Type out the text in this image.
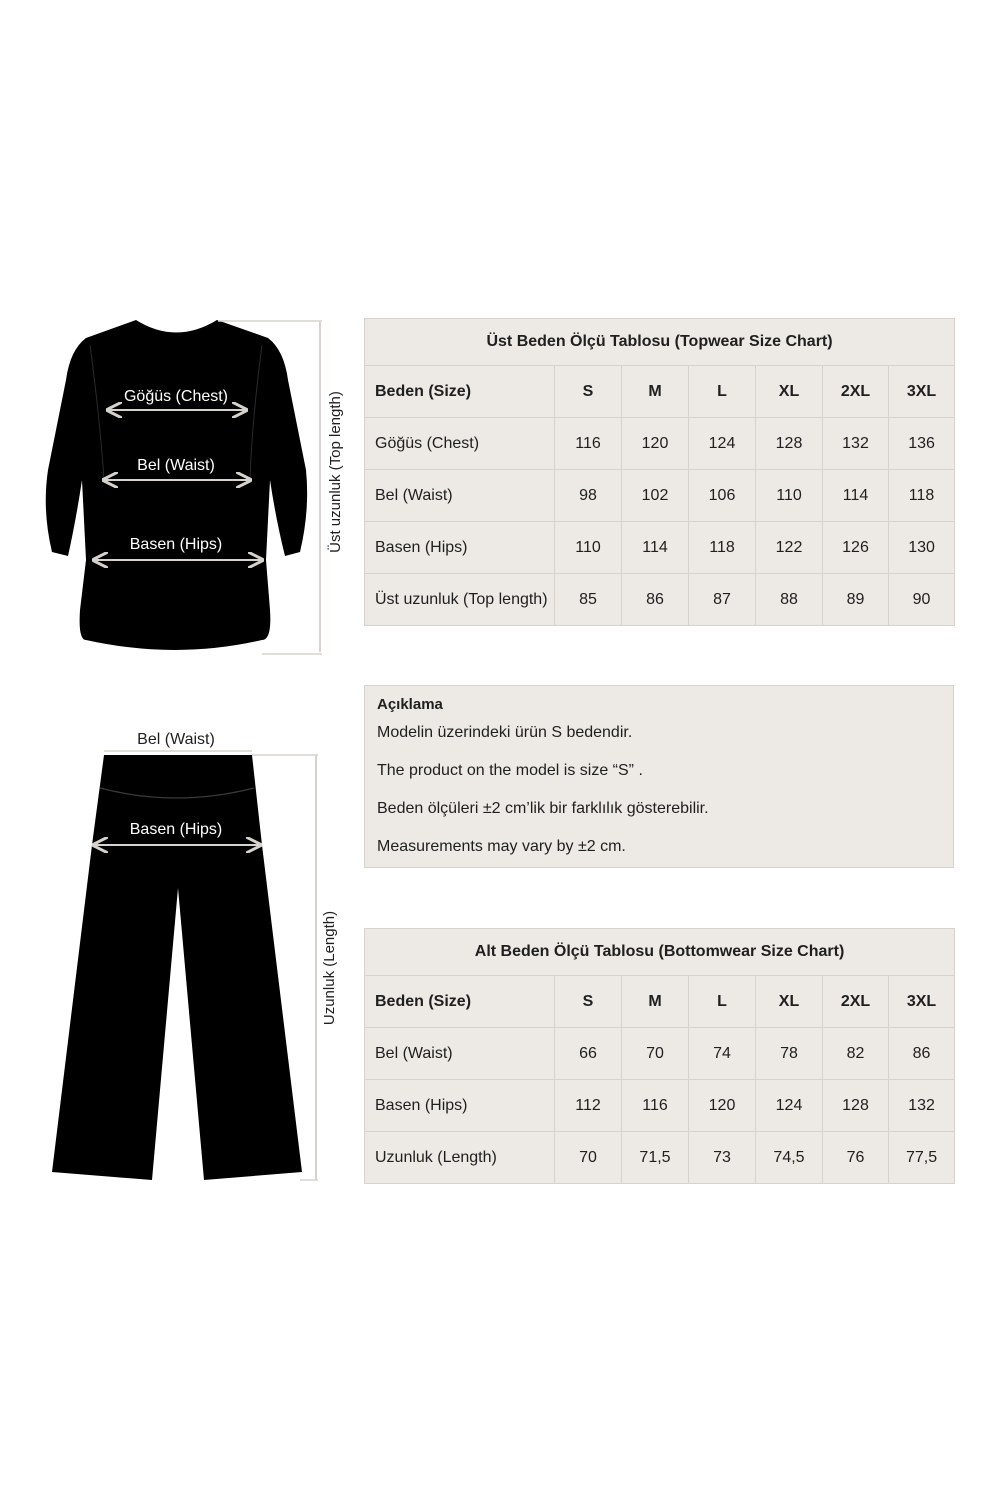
Göğüs (Chest)
Bel (Waist)
Basen (Hips)	Üst uzunluk (Top length)
Bel (Waist)
Basen (Hips)
Uzunluk (Length)
Üst Beden Ölçü Tablosu (Topwear Size Chart)						
Beden (Size)	S	M	L	XL	2XL	3XL
Göğüs (Chest)	116	120	124	128	132	136
Bel (Waist)	98	102	106	110	114	118
Basen (Hips)	110	114	118	122	126	130
Üst uzunluk (Top length)	85	86	87	88	89	90
Açıklama
Modelin üzerindeki ürün S bedendir.
The product on the model is size “S” .
Beden ölçüleri ±2 cm’lik bir farklılık gösterebilir.
Measurements may vary by ±2 cm.
Alt Beden Ölçü Tablosu (Bottomwear Size Chart)						
Beden (Size)	S	M	L	XL	2XL	3XL
Bel (Waist)	66	70	74	78	82	86
Basen (Hips)	112	116	120	124	128	132
Uzunluk (Length)	70	71,5	73	74,5	76	77,5
